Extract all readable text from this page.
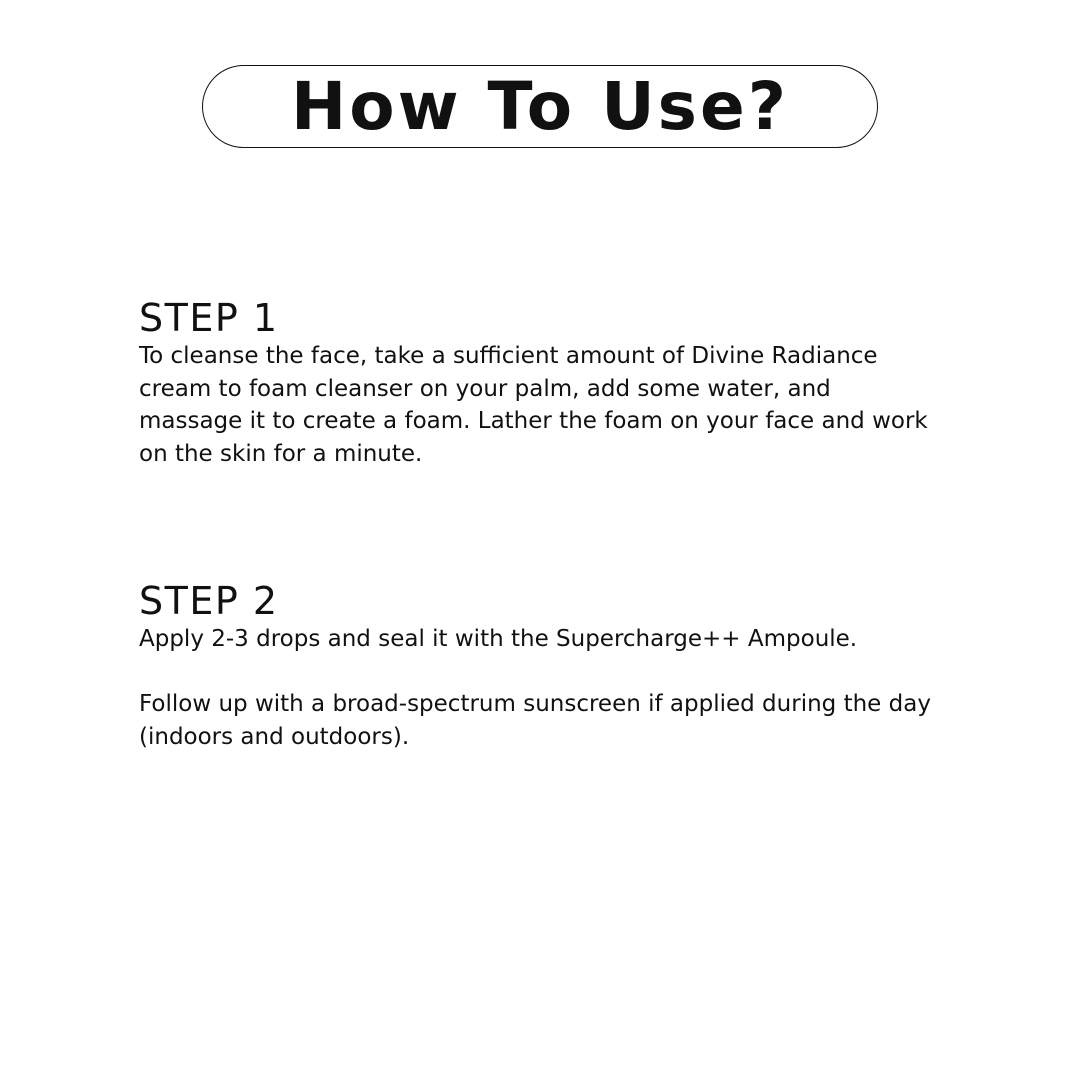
How To Use?
STEP 1
To cleanse the face, take a sufficient amount of Divine Radiance
cream to foam cleanser on your palm, add some water, and
massage it to create a foam. Lather the foam on your face and work
on the skin for a minute.
STEP 2
Apply 2-3 drops and seal it with the Supercharge++ Ampoule.
Follow up with a broad-spectrum sunscreen if applied during the day
(indoors and outdoors).
